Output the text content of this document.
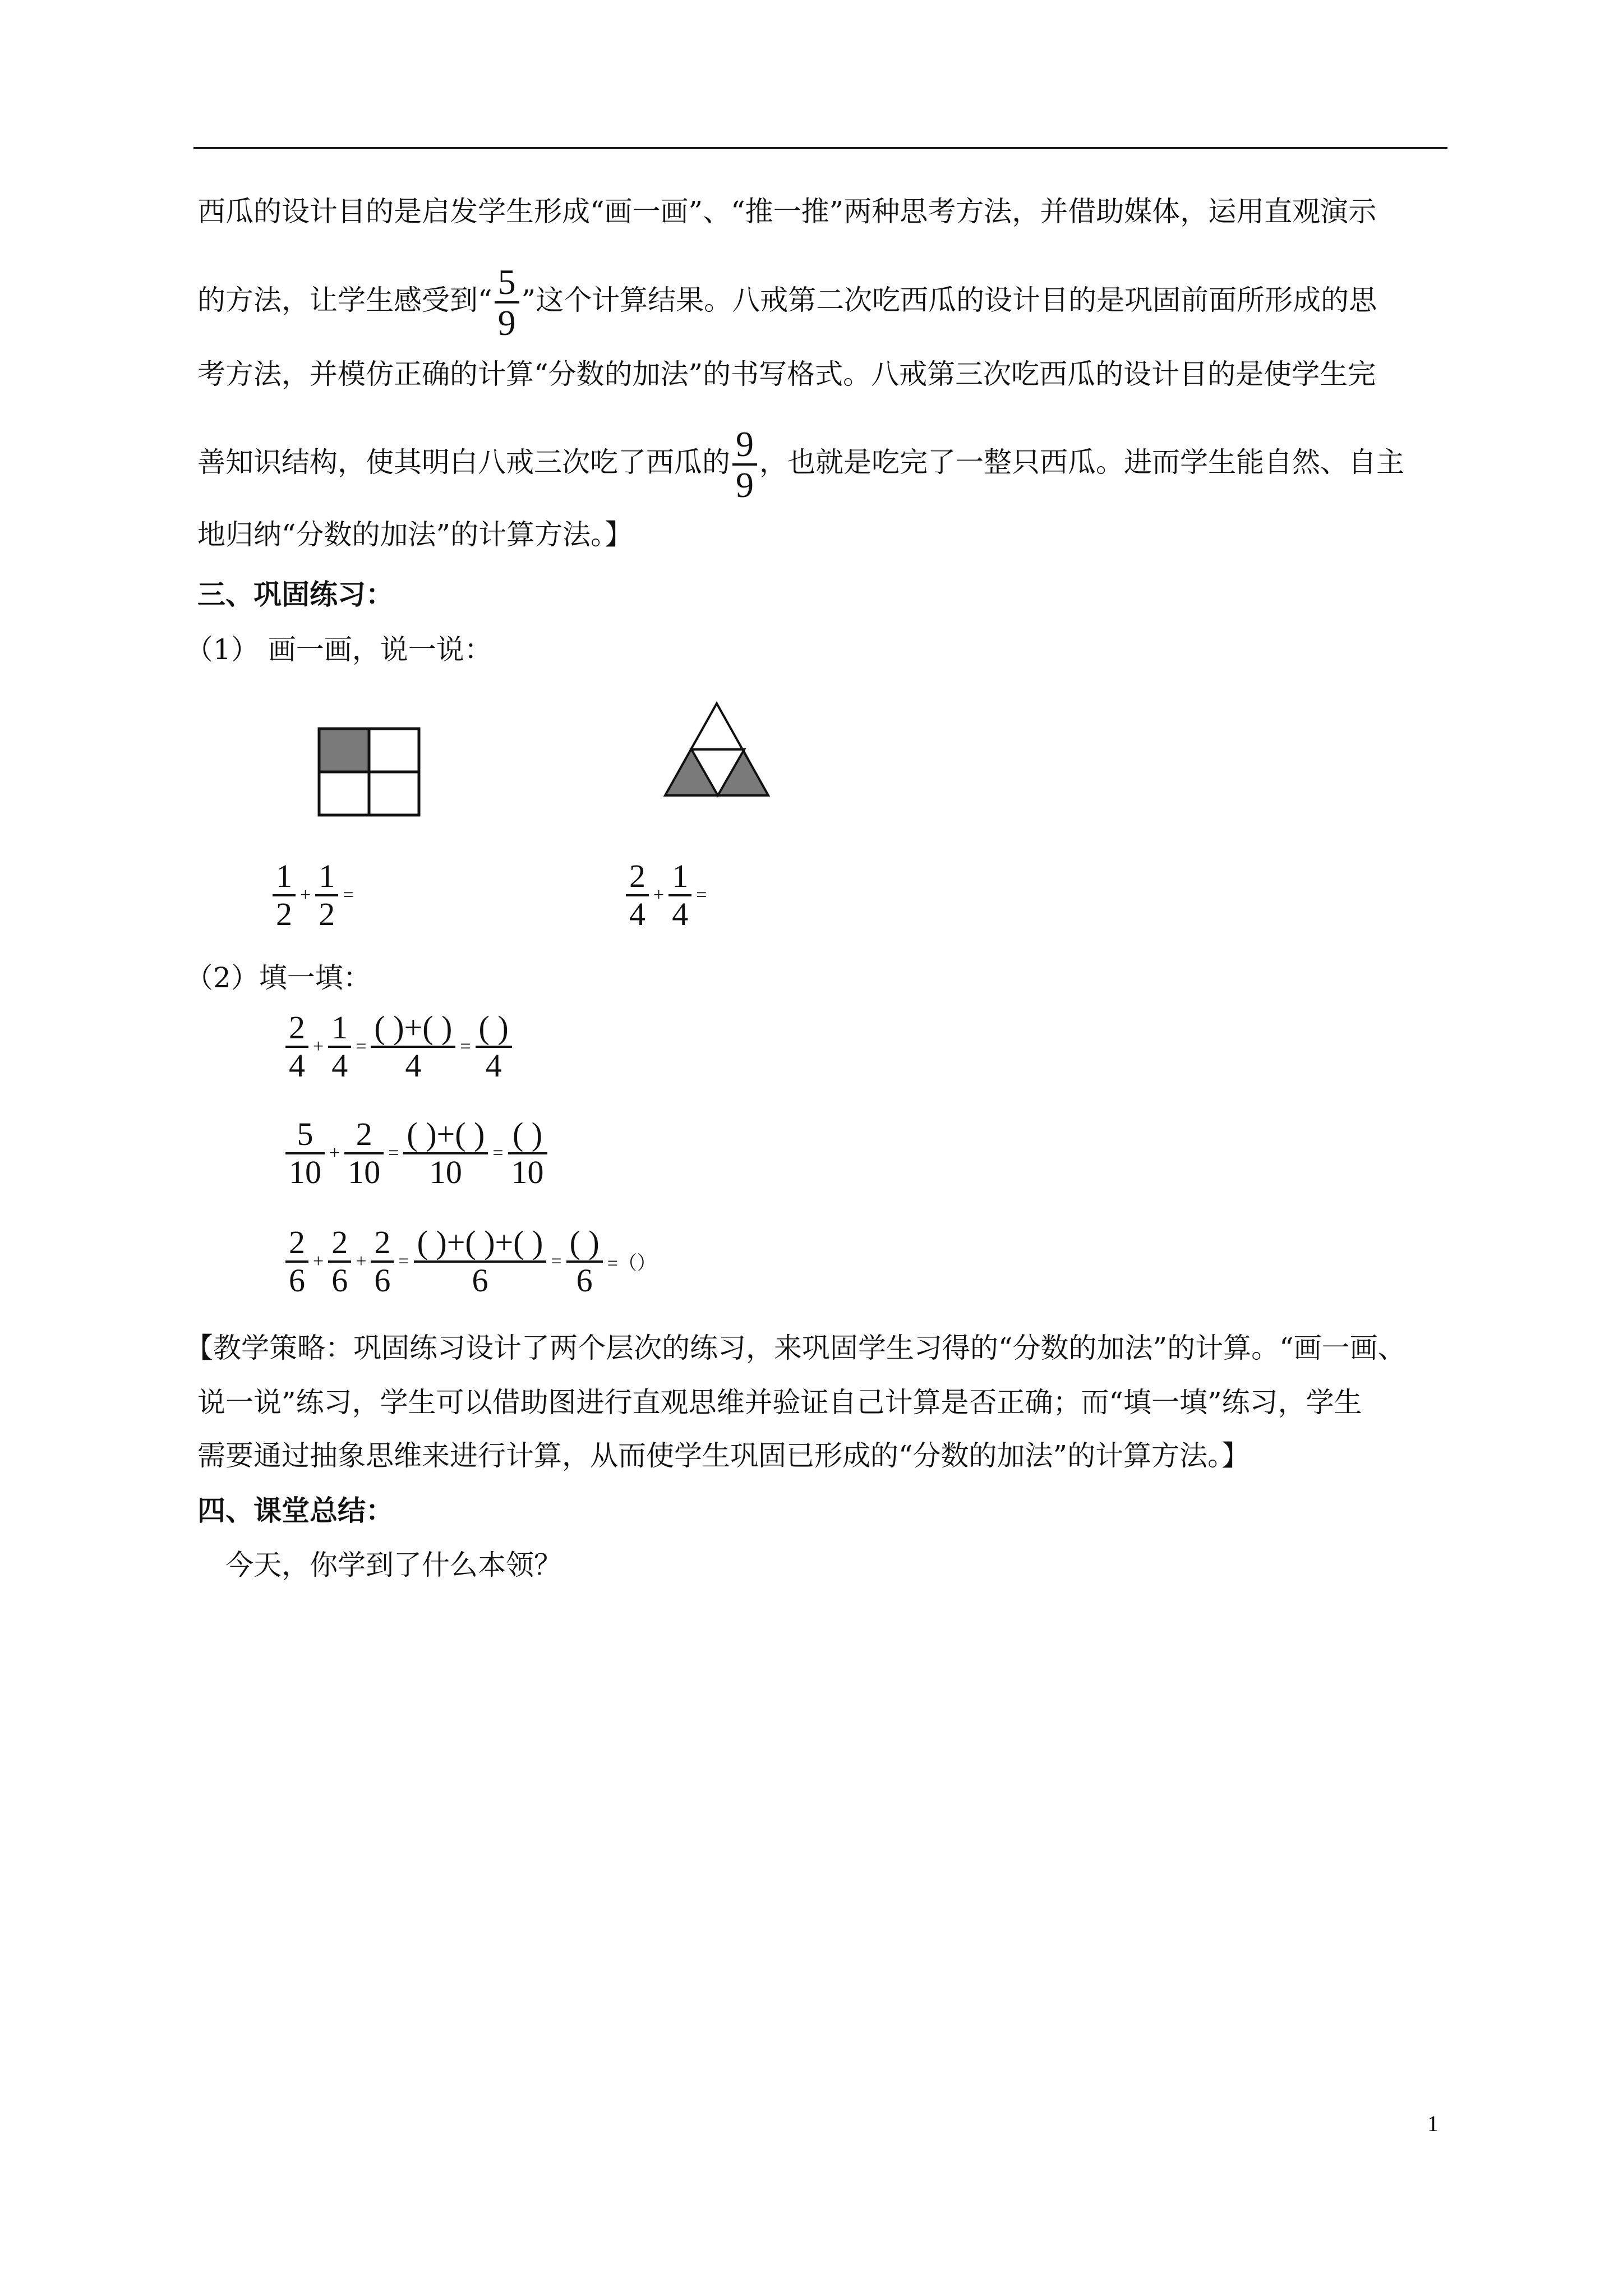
西瓜的设计目的是启发学生形成“画一画”、“推一推”两种思考方法，并借助媒体，运用直观演示
的方法，让学生感受到“ $\frac{5}{9}$ ”这个计算结果。八戒第二次吃西瓜的设计目的是巩固前面所形成的思
考方法，并模仿正确的计算“分数的加法”的书写格式。八戒第三次吃西瓜的设计目的是使学生完
善知识结构，使其明白八戒三次吃了西瓜的 $\frac{9}{9}$ ，也就是吃完了一整只西瓜。进而学生能自然、自主
地归纳“分数的加法”的计算方法。】
三、巩固练习：
（1） 画一画，说一说：
$\frac{1}{2} + \frac{1}{2}$ =	$\frac{2}{4} + \frac{1}{4}$ =
（2）填一填：
$\frac{2}{4} + \frac{1}{4} = \frac{( )+( )}{4} = \frac{( )}{4}$
$\frac{5}{10} + \frac{2}{10} = \frac{( )+( )}{10} = \frac{( )}{10}$
$\frac{2}{6} + \frac{2}{6} + \frac{2}{6} = \frac{( )+( )+( )}{6} = \frac{( )}{6}$ =（）
【教学策略：巩固练习设计了两个层次的练习，来巩固学生习得的“分数的加法”的计算。“画一画、
说一说”练习，学生可以借助图进行直观思维并验证自己计算是否正确；而“填一填”练习，学生
需要通过抽象思维来进行计算，从而使学生巩固已形成的“分数的加法”的计算方法。】
四、课堂总结：
今天，你学到了什么本领？
1
